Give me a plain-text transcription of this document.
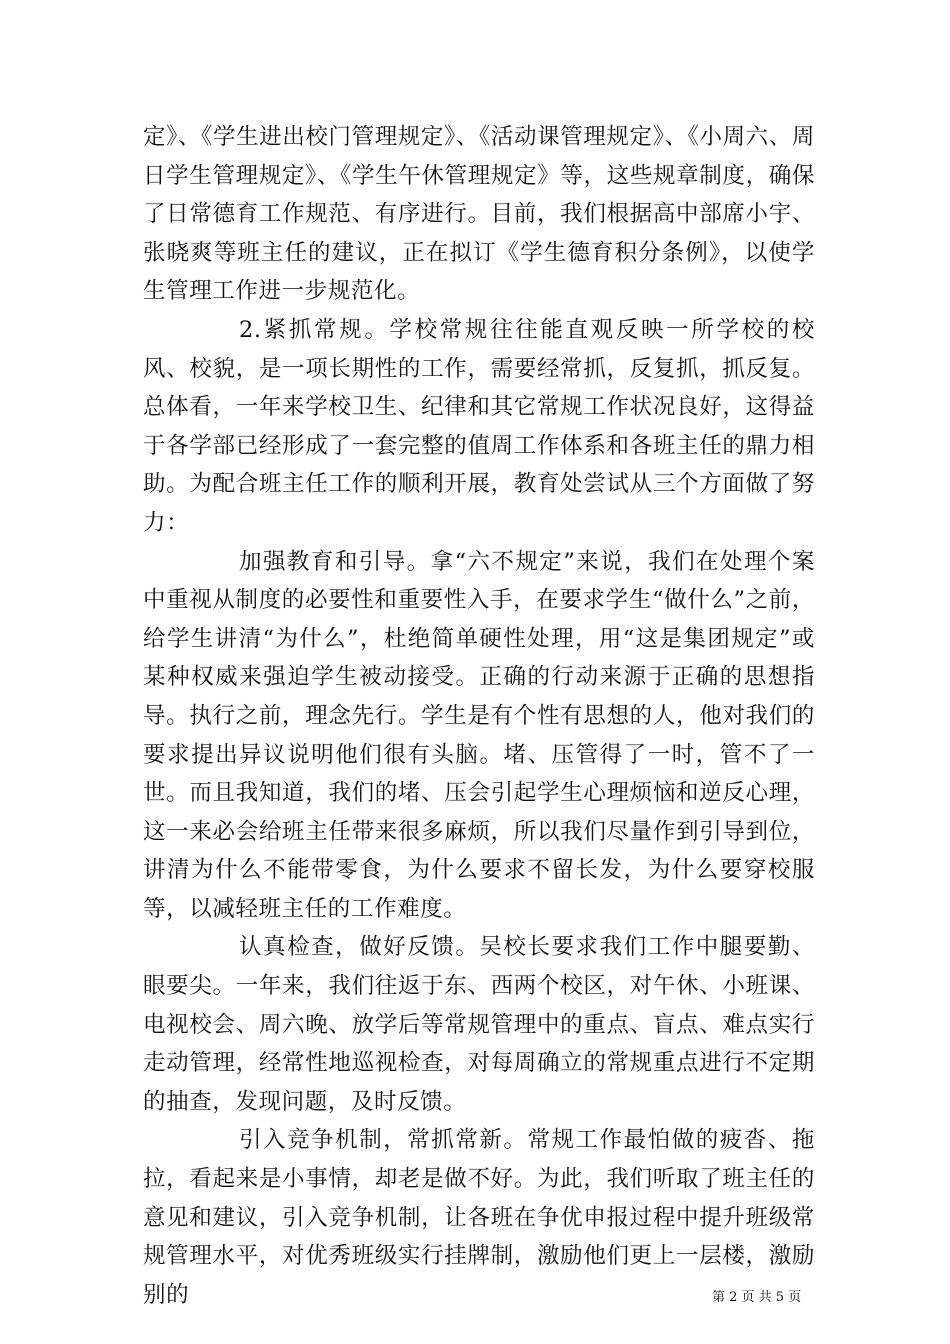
定》、《学生进出校门管理规定》、《活动课管理规定》、《小周六、周日学生管理规定》、《学生午休管理规定》等，这些规章制度，确保了日常德育工作规范、有序进行。目前，我们根据高中部席小宇、张晓爽等班主任的建议，正在拟订《学生德育积分条例》，以使学生管理工作进一步规范化。

2.紧抓常规。学校常规往往能直观反映一所学校的校风、校貌，是一项长期性的工作，需要经常抓，反复抓，抓反复。总体看，一年来学校卫生、纪律和其它常规工作状况良好，这得益于各学部已经形成了一套完整的值周工作体系和各班主任的鼎力相助。为配合班主任工作的顺利开展，教育处尝试从三个方面做了努力：

加强教育和引导。拿“六不规定”来说，我们在处理个案中重视从制度的必要性和重要性入手，在要求学生“做什么”之前，给学生讲清“为什么”，杜绝简单硬性处理，用“这是集团规定”或某种权威来强迫学生被动接受。正确的行动来源于正确的思想指导。执行之前，理念先行。学生是有个性有思想的人，他对我们的要求提出异议说明他们很有头脑。堵、压管得了一时，管不了一世。而且我知道，我们的堵、压会引起学生心理烦恼和逆反心理，这一来必会给班主任带来很多麻烦，所以我们尽量作到引导到位，讲清为什么不能带零食，为什么要求不留长发，为什么要穿校服等，以减轻班主任的工作难度。

认真检查，做好反馈。吴校长要求我们工作中腿要勤、眼要尖。一年来，我们往返于东、西两个校区，对午休、小班课、电视校会、周六晚、放学后等常规管理中的重点、盲点、难点实行走动管理，经常性地巡视检查，对每周确立的常规重点进行不定期的抽查，发现问题，及时反馈。

引入竞争机制，常抓常新。常规工作最怕做的疲沓、拖拉，看起来是小事情，却老是做不好。为此，我们听取了班主任的意见和建议，引入竞争机制，让各班在争优申报过程中提升班级常规管理水平，对优秀班级实行挂牌制，激励他们更上一层楼，激励别的	第 2 页 共 5 页
